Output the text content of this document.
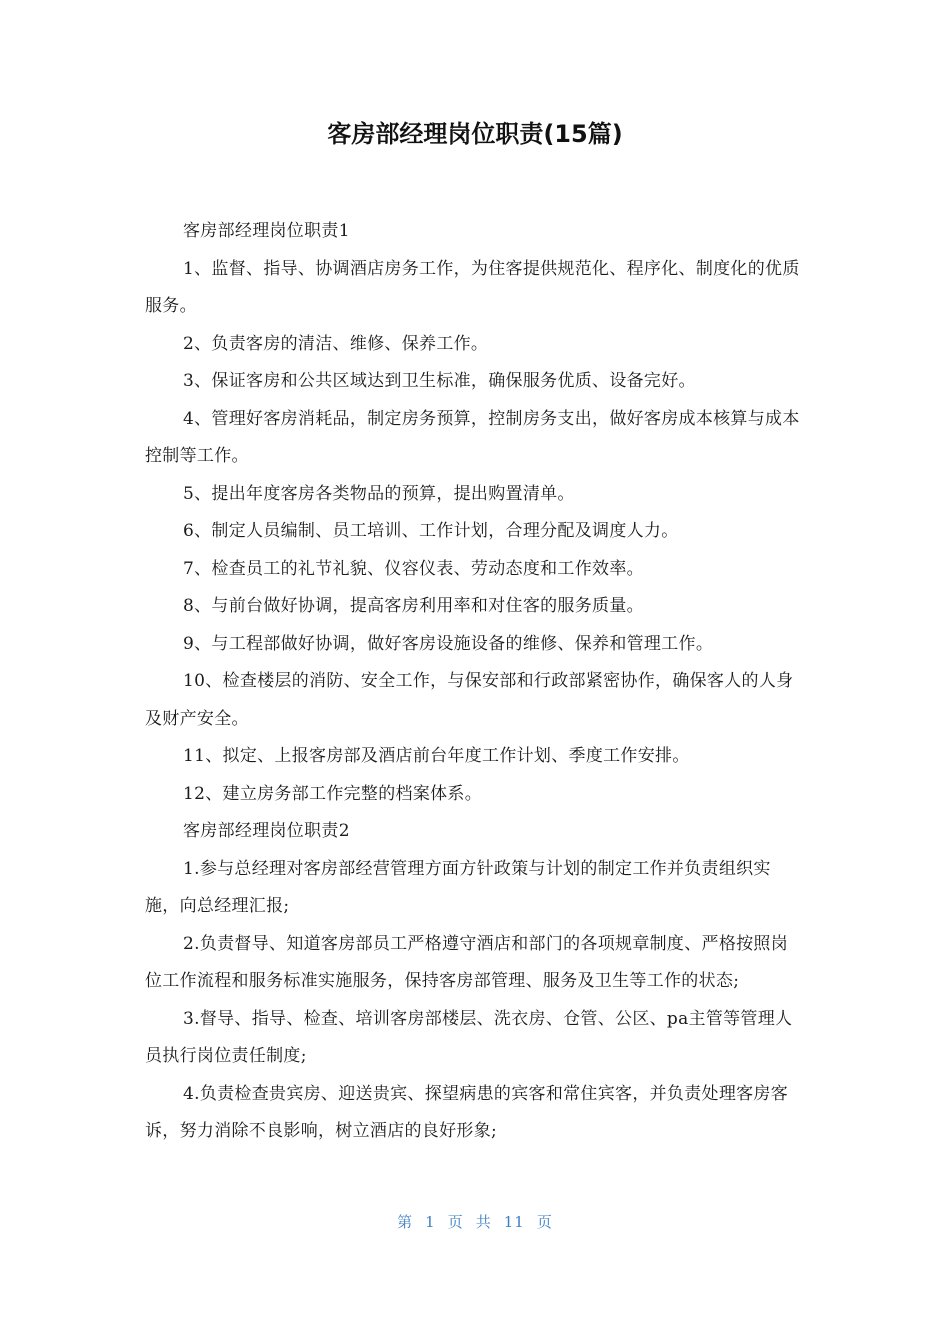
客房部经理岗位职责(15篇)

客房部经理岗位职责1

1、监督、指导、协调酒店房务工作，为住客提供规范化、程序化、制度化的优质服务。

2、负责客房的清洁、维修、保养工作。

3、保证客房和公共区域达到卫生标准，确保服务优质、设备完好。

4、管理好客房消耗品，制定房务预算，控制房务支出，做好客房成本核算与成本控制等工作。

5、提出年度客房各类物品的预算，提出购置清单。

6、制定人员编制、员工培训、工作计划，合理分配及调度人力。

7、检查员工的礼节礼貌、仪容仪表、劳动态度和工作效率。

8、与前台做好协调，提高客房利用率和对住客的服务质量。

9、与工程部做好协调，做好客房设施设备的维修、保养和管理工作。

10、检查楼层的消防、安全工作，与保安部和行政部紧密协作，确保客人的人身及财产安全。

11、拟定、上报客房部及酒店前台年度工作计划、季度工作安排。

12、建立房务部工作完整的档案体系。

客房部经理岗位职责2

1.参与总经理对客房部经营管理方面方针政策与计划的制定工作并负责组织实施，向总经理汇报;

2.负责督导、知道客房部员工严格遵守酒店和部门的各项规章制度、严格按照岗位工作流程和服务标准实施服务，保持客房部管理、服务及卫生等工作的状态;

3.督导、指导、检查、培训客房部楼层、洗衣房、仓管、公区、pa主管等管理人员执行岗位责任制度;

4.负责检查贵宾房、迎送贵宾、探望病患的宾客和常住宾客，并负责处理客房客诉，努力消除不良影响，树立酒店的良好形象;

第 1 页 共 11 页
